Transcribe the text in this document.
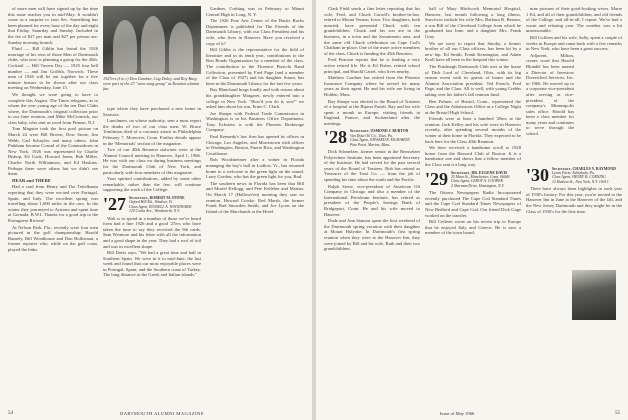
of more men will have signed up by the time this issue reaches you in mid-May. It wouldn't come as a surprise to your Sec. Something has been planned for every hour of the day and night that Friday, Saturday and Sunday. Included in the fee of $27 per man and $27 per person are: Sunday morning brunch.

Fluid — Bill Giblin has found the 1926 marriage of his own of those Men of Dartmouth clubs, who now is planning a group for the 40th. Cocktail — Hill Tavern Day — 1925 four bell number — and Jim Griffith, Norwich. These men of 1926 will be out together for a five minute feature to be shown after our class meeting on Wednesday, June 15.

We thought we were going to have to complete this August. The Times telegram, as to whom the year young age of the ten Dart Clubs where, the Dartmouth's original collection prior to our June reunion, and Mike McCormick, our class baby, who sent us word from Pitman, N.J.

Tom Maguire took the first pool picture on March 24 were Bill Brown, Dow Stone, Jim Webb, Carl Schuyler, and many others. John Pinkham became Consul of the Commodores in New York, 1926 was represented by Charlie Bishop, Ed Cook, Howard Jones, Bob Miller, Charlie North Williamson, and Ed Haskins. Perhaps there were others but we didn't see them.

HEAR and THERE

Had a card from Henry and Dot Teitelbaum reporting that they were excited over Portugal, Spain, and Italy. The excellent spring was travelling about 1,600 miles in the cars. In the winter they journeyed to Arizona and spent time at Grenada, B.W.I. Thanks for a good trip to the Portuguese Riviera!

At Nelson Park, Fla., recently were four men pictured in the golf championship: Harold Rumely, Bill Woodhouse and Don Hollisman, a former reporter who, while on the gulf coast, played the links.

1927ers (l to r) Don Gardner, Cug Daley, and Roy Burg were part of the 27 "wine song group" at Reunion alumni fun.

type where they have purchased a new home in Sarasota.

Lunchmen, on whose authority, sent a most report the deaths of two of our class men: W. Bruce Tomlinson died of a coronary attack in Philadelphia February 7. Moreover, Conn. Further details appear in the 'Memorials' section of the magazine.

Two of our 40th Reunion stalwarts were at the Alumni Council meeting in Hanover, April 1, 1966. He was with our class on during business meetings for the Dartmouth Club of New York, and particularly with four members of this magazine.

Your spirited contributions, added by some other remarkable, rather than the few, will continue supporting the work of the College.

'27 Secretary, ROBERT M. STONE
Oxford Hill Rd., Windsor, Vt.
Class Agent, RUSSELL A. WOODWARD
129 Cooks Ave., Woodworth, N.Y.

Walt is to spend in a number of those we've heard from had a fine 1926 and a good '27ers who have taken the time to say they received the 9th cards. Sam Wetmore and his letter with all the information and a good shape in the year. They had a roof of toil and was in excellent shape.

Bill Davis says, "We had a great time and half in Southern Spain. We were in it to mid-June, the last week and found that our most enjoyable places were in Portugal, Spain, and the Southern coast of Turkey. The long distance in the Greek and Italian islands."

Gardner, Cushing was in February to Miami Central High in Long, N. Y.

The 1926 Fine Arts Center of the Bucks Bucks Department is published for The Friends of the Dartmouth Library, with our Class President and his wife, who lives in Hanover. Have you received a copy of it?

Bill Giblin is the representative for the field of literature and in its tenth year, contributions to the Ron Bonds Organization by a member of the class. The contribution to the Florence Ptasichi Rand Collection, presented by Fred Page (and a member of the Class of 1927) and his daughter Susan, has been in the Dartmouth Library for the last few years.

Ray Blanchard brags loudly and with reason about his granddaughter Margaret, newly entered into a college in New York. "How'd you do it, son?" we asked him about his son, Ernie C. Clark.

Joe Sharpe with Federal Trade Commission in Washington is in his Business Office Department. Tony Eckstein is with the Phoenix Brokerage Company.

Paul Kennedy's law firm has opened its offices in Chicago, Los Angeles, and Morristown with offices in Washington, Boston, Puerto Rico, and Washington Courthouse.

Bob Woodsheimer after a winter in Florida managing the boy's hall in Ludlow, Vt., has returned home to a welcome to the green light on the sound. Larry Gordon, who has the green light for you, Bud.

The southern news in Florida has been that Bill and Muriel Kellogg, and Pete Kelleher and Marian. On March 17 (Hallowe'en) morning they saw no reunion. Howard Crosky: Red Marsh, the former Frank Bud Snowden Smith, and Joe Lyons on the Island of the Marchands at the Hotel.

54	DARTMOUTH ALUMNI MAGAZINE

Clark Field sends a fine letter reporting that his wife, Fred, and Chuck Carroll's brother-in-law, retired to Mount Vernon, Iowa. Two daughters, both married, have presented Chuck with ten grandchildren. Chuck and his son are in the business, in a town and the Sacramento area, and the same old Chuck celebration on Cape Cod's Chatham in-place. One of the more active members of the class, Chuck is heading the 45th Reunion.

Fred Pearson reports that he is leading a very active retired life. He is Ed Fisher, retired school principal, and Harold Cartel, who lives nearby.

Matthew Gardner has retired from the Phoenix Insurance Company where he served for many years as their agent. He and his wife are living in Holden, Mass.

Ray Sharpe was elected to the Board of Trustees of a hospital at the Ripton Parish. Ray and his wife spent a month in Europe, visiting friends in England, France, and Switzerland after the meetings.

'28 Secretary, OSMOND J. BURTON
Van Dyke Oil Co., Titus, Pa.
Class Agent, EDWARD R. MCMAHON
Pine Point, Marion, Mass.

Dick Schmelzer, former senior in the Rensselaer Polytechnic Institute, has been appointed Secretary of the Institute. He had served for the past several years of the Board of Trustees. Bob has retired as Treasurer of the Trust Co. — from the job of spending his time about the south and the Pacific.

Ralph Stone, vice-president of American Oil Company in Chicago and also a member of the International Petroleum Institute, has retired as president of the People's Savings Bank of Bridgeport, Conn. He and his wife moved to Hanover.

Dude and Ann Stanton spent the first weekend of the Dartmouth spring vacation with their daughter at Mount Holyoke. In Dartmouth's first spring reunion when they were at the Hanover Inn, they were joined by Bill and his wife, Ruth and their two grandchildren.

hall of Mary Hitchcock Memorial Hospital, Hanover, last month following a long illness. Survivors include his wife Mrs. Barbara B. Bernau, a son Bill of the Cleveland College from which he graduated last June, and a daughter Mrs. Frank Gray.

We are sorry to report that Smoky, a former brother of all our Class officers, has been hit by a new hip. Ed Smith, Frank Kensington, and Adam Kroll have all been in the hospital this winter.

The Pittsburgh Dartmouth Club met at the home of Dick Lord of Cleveland, Ohio, with its big season event with its guests of honor and the Alumni Association president. Ted French, Fred Page, and the Class. All is well, with young Crebbs taking over his father's fall reunion fund.

Ben Palmer, of Bristol, Conn., represented the Class and the Admissions Office at a College Night at the Bristol High School.

Friends were at least a hundred '28ers at the reunion: Jack Kelley and his wife were in Hanover recently, after spending several months of the winter at their home in Florida. They expected to be back here for the Class 40th Reunion.

We have received a handsome scroll to 1928 honor from the Harvard Club of Boston. It is a handsome one and shows that a fellow member of the Class sent it a long way.

'29 Secretary, DR. EUGENE DAVIS
25 Main St., Manchester, Conn. 06040
Class Agent, LEROY A. COOPER
2 Sherman Drive, Huntington, N.Y.

The Ottawa Newspapers Radio Incorporated recently purchased The Cape Cod Standard Times and the Cape Cod Standard Times Newspapers of New Bedford and Cape Cod. Our friend Dick Gage worked on the transfer.

Bill Coffeen wrote on his recent trip to Europe that he enjoyed Italy and Greece. He is now a member of the town board.

nine pictures of their good-looking wives. Marie 1 Ed, and all of their grandchildren, and old friends of the College, and all-in-all, I repeat. We've had a warm and relaxing year. The weather was a bit unseasonable.

Bill Coffeen and his wife, Sally, spent a couple of weeks in Europe and came back with a few remarks in New York, who have been a great success.

Adjacent, Milton, comes word that Harold Blondel has been named a Director of Investors Diversified Services, Inc. in 1966. He moved up to a corporate vice-president after serving as vice-president of the company's Minneapolis sales office. Harold has been a class member for many years and continues to serve through the school.

'30 Secretary, CHARLES V. RAYMOND
Lyons Farm, Ashtabula, Pa.
Class Agent, HENRY B. CORNING
12 Hudson St., New York, N.Y. 10013

There have always been highlights in each year of 1930's history. For this year, you're invited to the Hanover Inn in June at the Hanover of the fall, and the New Jersey Dartmouth and they might be in the Class of 1930's for the first time.

Issue of May 1966	55
